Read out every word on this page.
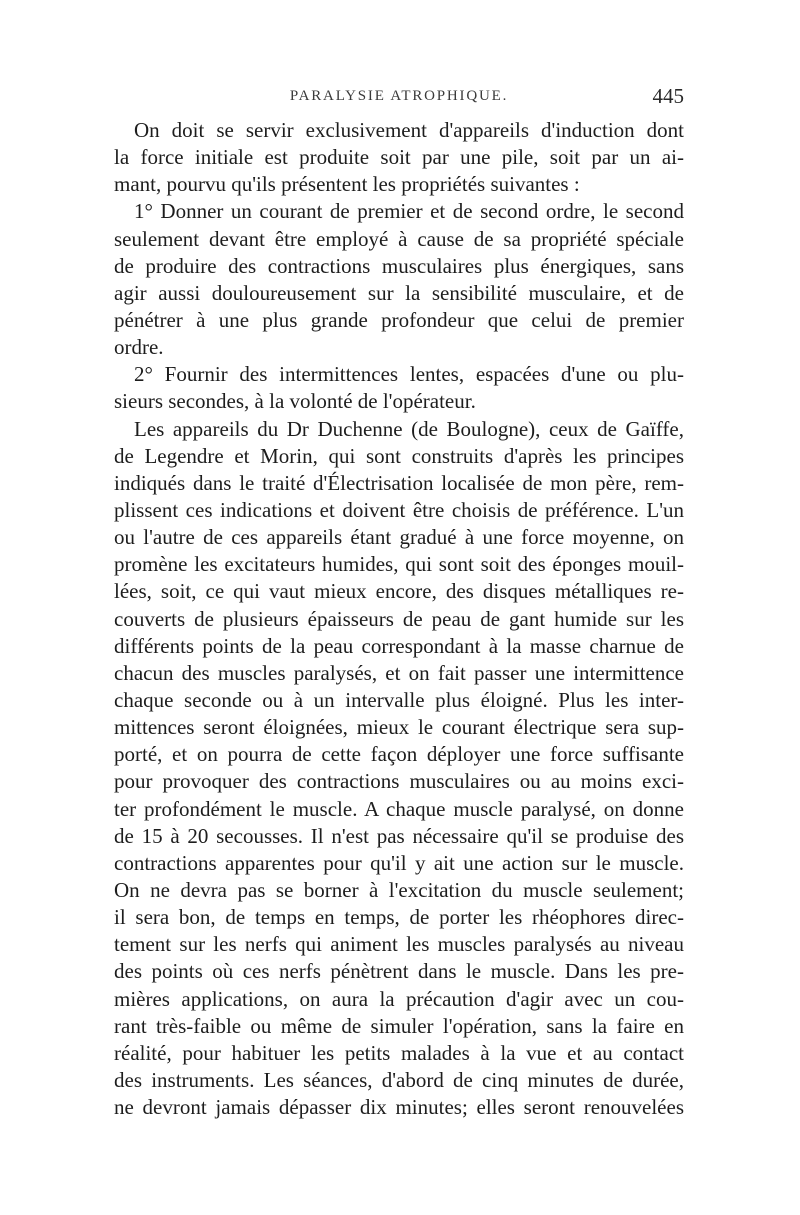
PARALYSIE ATROPHIQUE.	445
On doit se servir exclusivement d'appareils d'induction dont
la force initiale est produite soit par une pile, soit par un ai-
mant, pourvu qu'ils présentent les propriétés suivantes :
1° Donner un courant de premier et de second ordre, le second
seulement devant être employé à cause de sa propriété spéciale
de produire des contractions musculaires plus énergiques, sans
agir aussi douloureusement sur la sensibilité musculaire, et de
pénétrer à une plus grande profondeur que celui de premier
ordre.
2° Fournir des intermittences lentes, espacées d'une ou plu-
sieurs secondes, à la volonté de l'opérateur.
Les appareils du Dr Duchenne (de Boulogne), ceux de Gaïffe,
de Legendre et Morin, qui sont construits d'après les principes
indiqués dans le traité d'Électrisation localisée de mon père, rem-
plissent ces indications et doivent être choisis de préférence. L'un
ou l'autre de ces appareils étant gradué à une force moyenne, on
promène les excitateurs humides, qui sont soit des éponges mouil-
lées, soit, ce qui vaut mieux encore, des disques métalliques re-
couverts de plusieurs épaisseurs de peau de gant humide sur les
différents points de la peau correspondant à la masse charnue de
chacun des muscles paralysés, et on fait passer une intermittence
chaque seconde ou à un intervalle plus éloigné. Plus les inter-
mittences seront éloignées, mieux le courant électrique sera sup-
porté, et on pourra de cette façon déployer une force suffisante
pour provoquer des contractions musculaires ou au moins exci-
ter profondément le muscle. A chaque muscle paralysé, on donne
de 15 à 20 secousses. Il n'est pas nécessaire qu'il se produise des
contractions apparentes pour qu'il y ait une action sur le muscle.
On ne devra pas se borner à l'excitation du muscle seulement;
il sera bon, de temps en temps, de porter les rhéophores direc-
tement sur les nerfs qui animent les muscles paralysés au niveau
des points où ces nerfs pénètrent dans le muscle. Dans les pre-
mières applications, on aura la précaution d'agir avec un cou-
rant très-faible ou même de simuler l'opération, sans la faire en
réalité, pour habituer les petits malades à la vue et au contact
des instruments. Les séances, d'abord de cinq minutes de durée,
ne devront jamais dépasser dix minutes; elles seront renouvelées
